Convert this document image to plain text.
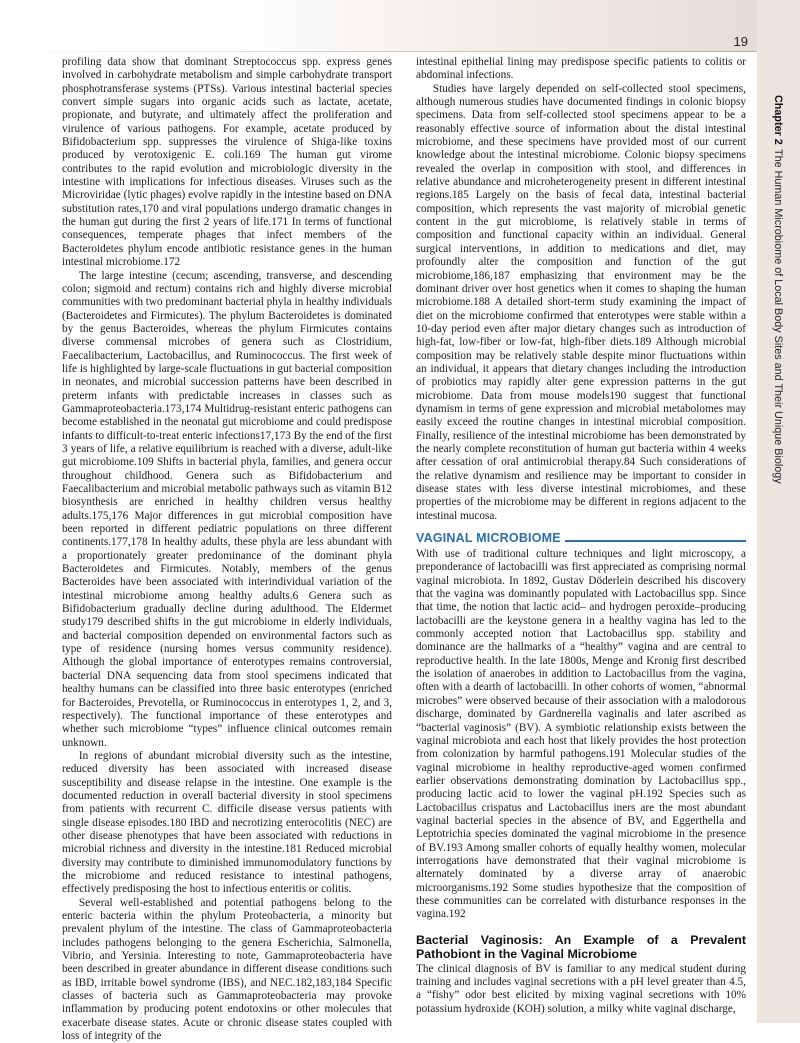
19

Chapter 2
The Human Microbiome of Local Body Sites and Their Unique Biology

profiling data show that dominant Streptococcus spp. express genes involved in carbohydrate metabolism and simple carbohydrate transport phosphotransferase systems (PTSs). Various intestinal bacterial species convert simple sugars into organic acids such as lactate, acetate, propionate, and butyrate, and ultimately affect the proliferation and virulence of various pathogens. For example, acetate produced by Bifidobacterium spp. suppresses the virulence of Shiga-like toxins produced by verotoxigenic E. coli.169 The human gut virome contributes to the rapid evolution and microbiologic diversity in the intestine with implications for infectious diseases. Viruses such as the Microviridae (lytic phages) evolve rapidly in the intestine based on DNA substitution rates,170 and viral populations undergo dramatic changes in the human gut during the first 2 years of life.171 In terms of functional consequences, temperate phages that infect members of the Bacteroidetes phylum encode antibiotic resistance genes in the human intestinal microbiome.172

The large intestine (cecum; ascending, transverse, and descending colon; sigmoid and rectum) contains rich and highly diverse microbial communities with two predominant bacterial phyla in healthy individuals (Bacteroidetes and Firmicutes). The phylum Bacteroidetes is dominated by the genus Bacteroides, whereas the phylum Firmicutes contains diverse commensal microbes of genera such as Clostridium, Faecalibacterium, Lactobacillus, and Ruminococcus. The first week of life is highlighted by large-scale fluctuations in gut bacterial composition in neonates, and microbial succession patterns have been described in preterm infants with predictable increases in classes such as Gammaproteobacteria.173,174 Multidrug-resistant enteric pathogens can become established in the neonatal gut microbiome and could predispose infants to difficult-to-treat enteric infections17,173 By the end of the first 3 years of life, a relative equilibrium is reached with a diverse, adult-like gut microbiome.109 Shifts in bacterial phyla, families, and genera occur throughout childhood. Genera such as Bifidobacterium and Faecalibacterium and microbial metabolic pathways such as vitamin B12 biosynthesis are enriched in healthy children versus healthy adults.175,176 Major differences in gut microbial composition have been reported in different pediatric populations on three different continents.177,178 In healthy adults, these phyla are less abundant with a proportionately greater predominance of the dominant phyla Bacteroidetes and Firmicutes. Notably, members of the genus Bacteroides have been associated with interindividual variation of the intestinal microbiome among healthy adults.6 Genera such as Bifidobacterium gradually decline during adulthood. The Eldermet study179 described shifts in the gut microbiome in elderly individuals, and bacterial composition depended on environmental factors such as type of residence (nursing homes versus community residence). Although the global importance of enterotypes remains controversial, bacterial DNA sequencing data from stool specimens indicated that healthy humans can be classified into three basic enterotypes (enriched for Bacteroides, Prevotella, or Ruminococcus in enterotypes 1, 2, and 3, respectively). The functional importance of these enterotypes and whether such microbiome “types” influence clinical outcomes remain unknown.

In regions of abundant microbial diversity such as the intestine, reduced diversity has been associated with increased disease susceptibility and disease relapse in the intestine. One example is the documented reduction in overall bacterial diversity in stool specimens from patients with recurrent C. difficile disease versus patients with single disease episodes.180 IBD and necrotizing enterocolitis (NEC) are other disease phenotypes that have been associated with reductions in microbial richness and diversity in the intestine.181 Reduced microbial diversity may contribute to diminished immunomodulatory functions by the microbiome and reduced resistance to intestinal pathogens, effectively predisposing the host to infectious enteritis or colitis.

Several well-established and potential pathogens belong to the enteric bacteria within the phylum Proteobacteria, a minority but prevalent phylum of the intestine. The class of Gammaproteobacteria includes pathogens belonging to the genera Escherichia, Salmonella, Vibrio, and Yersinia. Interesting to note, Gammaproteobacteria have been described in greater abundance in different disease conditions such as IBD, irritable bowel syndrome (IBS), and NEC.182,183,184 Specific classes of bacteria such as Gammaproteobacteria may provoke inflammation by producing potent endotoxins or other molecules that exacerbate disease states. Acute or chronic disease states coupled with loss of integrity of the

intestinal epithelial lining may predispose specific patients to colitis or abdominal infections.

Studies have largely depended on self-collected stool specimens, although numerous studies have documented findings in colonic biopsy specimens. Data from self-collected stool specimens appear to be a reasonably effective source of information about the distal intestinal microbiome, and these specimens have provided most of our current knowledge about the intestinal microbiome. Colonic biopsy specimens revealed the overlap in composition with stool, and differences in relative abundance and microheterogeneity present in different intestinal regions.185 Largely on the basis of fecal data, intestinal bacterial composition, which represents the vast majority of microbial genetic content in the gut microbiome, is relatively stable in terms of composition and functional capacity within an individual. General surgical interventions, in addition to medications and diet, may profoundly alter the composition and function of the gut microbiome,186,187 emphasizing that environment may be the dominant driver over host genetics when it comes to shaping the human microbiome.188 A detailed short-term study examining the impact of diet on the microbiome confirmed that enterotypes were stable within a 10-day period even after major dietary changes such as introduction of high-fat, low-fiber or low-fat, high-fiber diets.189 Although microbial composition may be relatively stable despite minor fluctuations within an individual, it appears that dietary changes including the introduction of probiotics may rapidly alter gene expression patterns in the gut microbiome. Data from mouse models190 suggest that functional dynamism in terms of gene expression and microbial metabolomes may easily exceed the routine changes in intestinal microbial composition. Finally, resilience of the intestinal microbiome has been demonstrated by the nearly complete reconstitution of human gut bacteria within 4 weeks after cessation of oral antimicrobial therapy.84 Such considerations of the relative dynamism and resilience may be important to consider in disease states with less diverse intestinal microbiomes, and these properties of the microbiome may be different in regions adjacent to the intestinal mucosa.

VAGINAL MICROBIOME

With use of traditional culture techniques and light microscopy, a preponderance of lactobacilli was first appreciated as comprising normal vaginal microbiota. In 1892, Gustav Döderlein described his discovery that the vagina was dominantly populated with Lactobacillus spp. Since that time, the notion that lactic acid– and hydrogen peroxide–producing lactobacilli are the keystone genera in a healthy vagina has led to the commonly accepted notion that Lactobacillus spp. stability and dominance are the hallmarks of a “healthy” vagina and are central to reproductive health. In the late 1800s, Menge and Kronig first described the isolation of anaerobes in addition to Lactobacillus from the vagina, often with a dearth of lactobacilli. In other cohorts of women, “abnormal microbes” were observed because of their association with a malodorous discharge, dominated by Gardnerella vaginalis and later ascribed as “bacterial vaginosis” (BV). A symbiotic relationship exists between the vaginal microbiota and each host that likely provides the host protection from colonization by harmful pathogens.191 Molecular studies of the vaginal microbiome in healthy reproductive-aged women confirmed earlier observations demonstrating domination by Lactobacillus spp., producing lactic acid to lower the vaginal pH.192 Species such as Lactobacillus crispatus and Lactobacillus iners are the most abundant vaginal bacterial species in the absence of BV, and Eggerthella and Leptotrichia species dominated the vaginal microbiome in the presence of BV.193 Among smaller cohorts of equally healthy women, molecular interrogations have demonstrated that their vaginal microbiome is alternately dominated by a diverse array of anaerobic microorganisms.192 Some studies hypothesize that the composition of these communities can be correlated with disturbance responses in the vagina.192

Bacterial Vaginosis: An Example of a Prevalent Pathobiont in the Vaginal Microbiome

The clinical diagnosis of BV is familiar to any medical student during training and includes vaginal secretions with a pH level greater than 4.5, a “fishy” odor best elicited by mixing vaginal secretions with 10% potassium hydroxide (KOH) solution, a milky white vaginal discharge,
